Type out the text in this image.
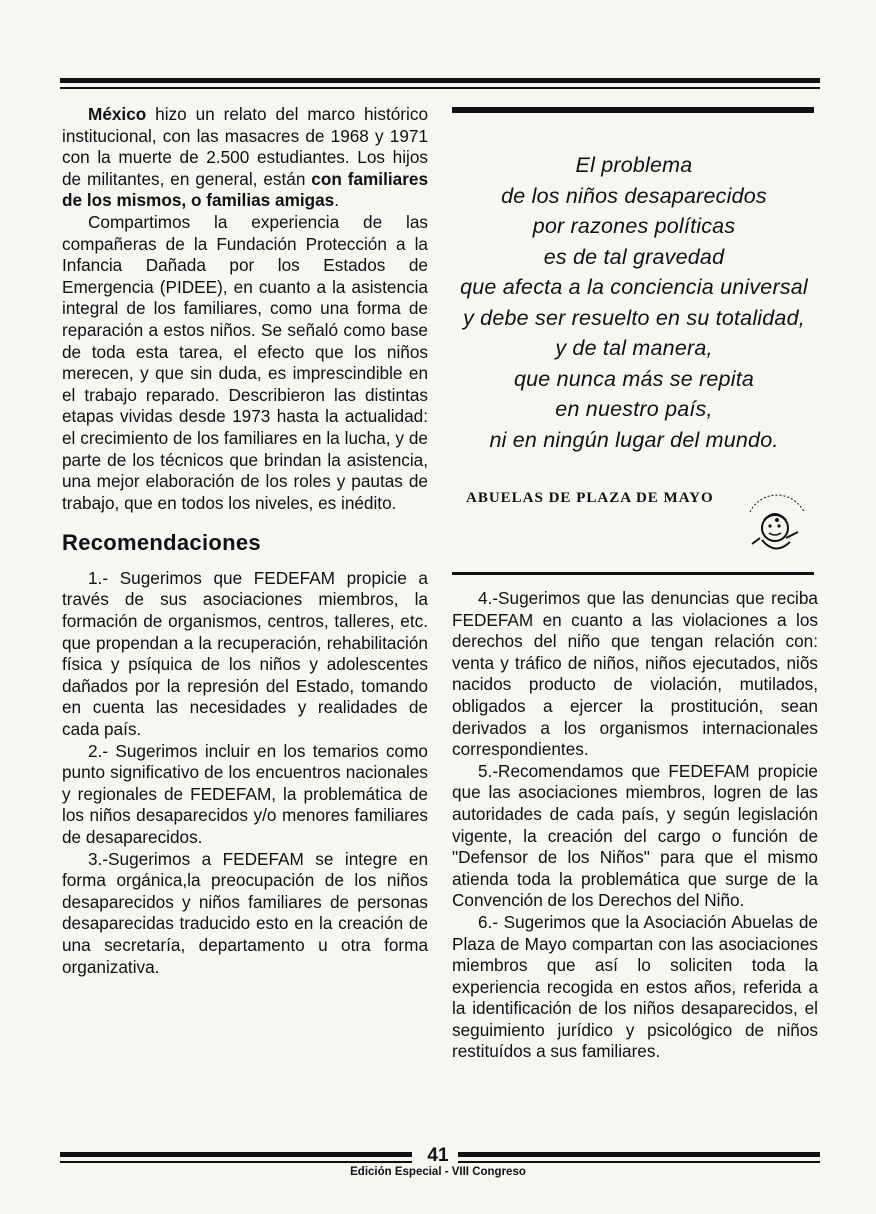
México hizo un relato del marco histórico institucional, con las masacres de 1968 y 1971 con la muerte de 2.500 estudiantes. Los hijos de militantes, en general, están con familiares de los mismos, o familias amigas.

Compartimos la experiencia de las compañeras de la Fundación Protección a la Infancia Dañada por los Estados de Emergencia (PIDEE), en cuanto a la asistencia integral de los familiares, como una forma de reparación a estos niños. Se señaló como base de toda esta tarea, el efecto que los niños merecen, y que sin duda, es imprescindible en el trabajo reparado. Describieron las distintas etapas vividas desde 1973 hasta la actualidad: el crecimiento de los familiares en la lucha, y de parte de los técnicos que brindan la asistencia, una mejor elaboración de los roles y pautas de trabajo, que en todos los niveles, es inédito.

Recomendaciones

1.- Sugerimos que FEDEFAM propicie a través de sus asociaciones miembros, la formación de organismos, centros, talleres, etc. que propendan a la recuperación, rehabilitación física y psíquica de los niños y adolescentes dañados por la represión del Estado, tomando en cuenta las necesidades y realidades de cada país.

2.- Sugerimos incluir en los temarios como punto significativo de los encuentros nacionales y regionales de FEDEFAM, la problemática de los niños desaparecidos y/o menores familiares de desaparecidos.

3.-Sugerimos a FEDEFAM se integre en forma orgánica,la preocupación de los niños desaparecidos y niños familiares de personas desaparecidas traducido esto en la creación de una secretaría, departamento u otra forma organizativa.

El problema
de los niños desaparecidos
por razones políticas
es de tal gravedad
que afecta a la conciencia universal
y debe ser resuelto en su totalidad,
y de tal manera,
que nunca más se repita
en nuestro país,
ni en ningún lugar del mundo.
ABUELAS DE PLAZA DE MAYO

4.-Sugerimos que las denuncias que reciba FEDEFAM en cuanto a las violaciones a los derechos del niño que tengan relación con: venta y tráfico de niños, niños ejecutados, niõs nacidos producto de violación, mutilados, obligados a ejercer la prostitución, sean derivados a los organismos internacionales correspondientes.

5.-Recomendamos que FEDEFAM propicie que las asociaciones miembros, logren de las autoridades de cada país, y según legislación vigente, la creación del cargo o función de "Defensor de los Niños" para que el mismo atienda toda la problemática que surge de la Convención de los Derechos del Niño.

6.- Sugerimos que la Asociación Abuelas de Plaza de Mayo compartan con las asociaciones miembros que así lo soliciten toda la experiencia recogida en estos años, referida a la identificación de los niños desaparecidos, el seguimiento jurídico y psicológico de niños restituídos a sus familiares.

41
Edición Especial - VIII Congreso
